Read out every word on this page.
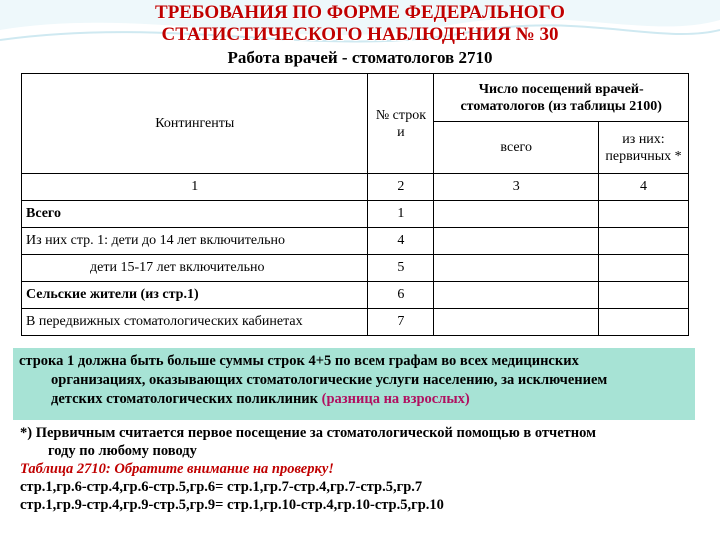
ТРЕБОВАНИЯ ПО ФОРМЕ ФЕДЕРАЛЬНОГО
СТАТИСТИЧЕСКОГО НАБЛЮДЕНИЯ № 30
Работа врачей - стоматологов 2710
Контингенты	№ строк и	Число посещений врачей-стоматологов (из таблицы 2100)	
		всего	из них: первичных *
1	2	3	4
Всего	1		
Из них стр. 1: дети до 14 лет включительно	4		
дети 15-17 лет включительно	5		
Сельские жители (из стр.1)	6		
В передвижных стоматологических кабинетах	7		
строка 1 должна быть больше суммы строк 4+5 по всем графам во всех медицинских
организациях, оказывающих стоматологические услуги населению, за исключением
детских стоматологических поликлиник (разница на взрослых)
*) Первичным считается первое посещение за стоматологической помощью в отчетном
году по любому поводу
Таблица 2710: Обратите внимание на проверку!
стр.1,гр.6-стр.4,гр.6-стр.5,гр.6= стр.1,гр.7-стр.4,гр.7-стр.5,гр.7
стр.1,гр.9-стр.4,гр.9-стр.5,гр.9= стр.1,гр.10-стр.4,гр.10-стр.5,гр.10
